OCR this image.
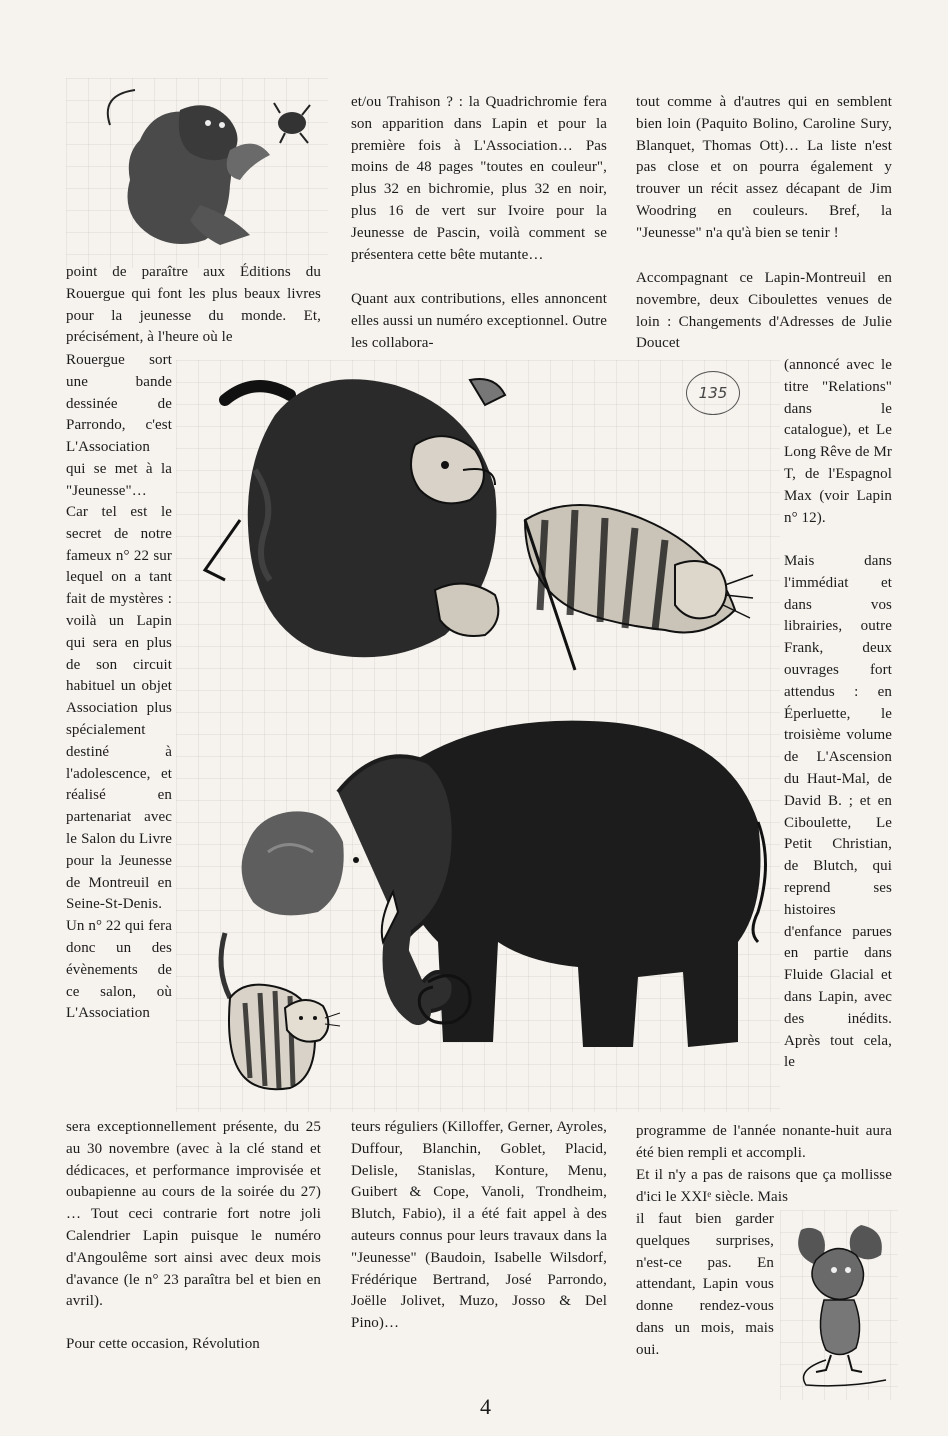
point de paraître aux Éditions du Rouergue qui font les plus beaux livres pour la jeunesse du monde. Et, précisément, à l'heure où le

Rouergue sort une bande dessinée de Parrondo, c'est L'Association qui se met à la "Jeunesse"…

Car tel est le secret de notre fameux n° 22 sur lequel on a tant fait de mystères : voilà un Lapin qui sera en plus de son circuit habituel un objet Association plus spécialement destiné à l'adolescence, et réalisé en partenariat avec le Salon du Livre pour la Jeunesse de Montreuil en Seine-St-Denis. Un n° 22 qui fera donc un des évènements de ce salon, où L'Association

sera exceptionnellement présente, du 25 au 30 novembre (avec à la clé stand et dédicaces, et performance improvisée et oubapienne au cours de la soirée du 27) … Tout ceci contrarie fort notre joli Calendrier Lapin puisque le numéro d'Angoulême sort ainsi avec deux mois d'avance (le n° 23 paraîtra bel et bien en avril).

Pour cette occasion, Révolution

et/ou Trahison ? : la Quadrichromie fera son apparition dans Lapin et pour la première fois à L'Association… Pas moins de 48 pages "toutes en couleur", plus 32 en bichromie, plus 32 en noir, plus 16 de vert sur Ivoire pour la Jeunesse de Pascin, voilà comment se présentera cette bête mutante…

Quant aux contributions, elles annoncent elles aussi un numéro exceptionnel. Outre les collabora-

teurs réguliers (Killoffer, Gerner, Ayroles, Duffour, Blanchin, Goblet, Placid, Delisle, Stanislas, Konture, Menu, Guibert & Cope, Vanoli, Trondheim, Blutch, Fabio), il a été fait appel à des auteurs connus pour leurs travaux dans la "Jeunesse" (Baudoin, Isabelle Wilsdorf, Frédérique Bertrand, José Parrondo, Joëlle Jolivet, Muzo, Josso & Del Pino)…

tout comme à d'autres qui en semblent bien loin (Paquito Bolino, Caroline Sury, Blanquet, Thomas Ott)… La liste n'est pas close et on pourra également y trouver un récit assez décapant de Jim Woodring en couleurs. Bref, la "Jeunesse" n'a qu'à bien se tenir !

Accompagnant ce Lapin-Montreuil en novembre, deux Ciboulettes venues de loin : Changements d'Adresses de Julie Doucet

(annoncé avec le titre "Relations" dans le catalogue), et Le Long Rêve de Mr T, de l'Espagnol Max (voir Lapin n° 12).

Mais dans l'immédiat et dans vos librairies, outre Frank, deux ouvrages fort attendus : en Éperluette, le troisième volume de L'Ascension du Haut-Mal, de David B. ; et en Ciboulette, Le Petit Christian, de Blutch, qui reprend ses histoires d'enfance parues en partie dans Fluide Glacial et dans Lapin, avec des inédits. Après tout cela, le

programme de l'année nonante-huit aura été bien rempli et accompli.

Et il n'y a pas de raisons que ça mollisse d'ici le XXIᵉ siècle. Mais

il faut bien garder quelques surprises, n'est-ce pas. En attendant, Lapin vous donne rendez-vous dans un mois, mais oui.

135
4
